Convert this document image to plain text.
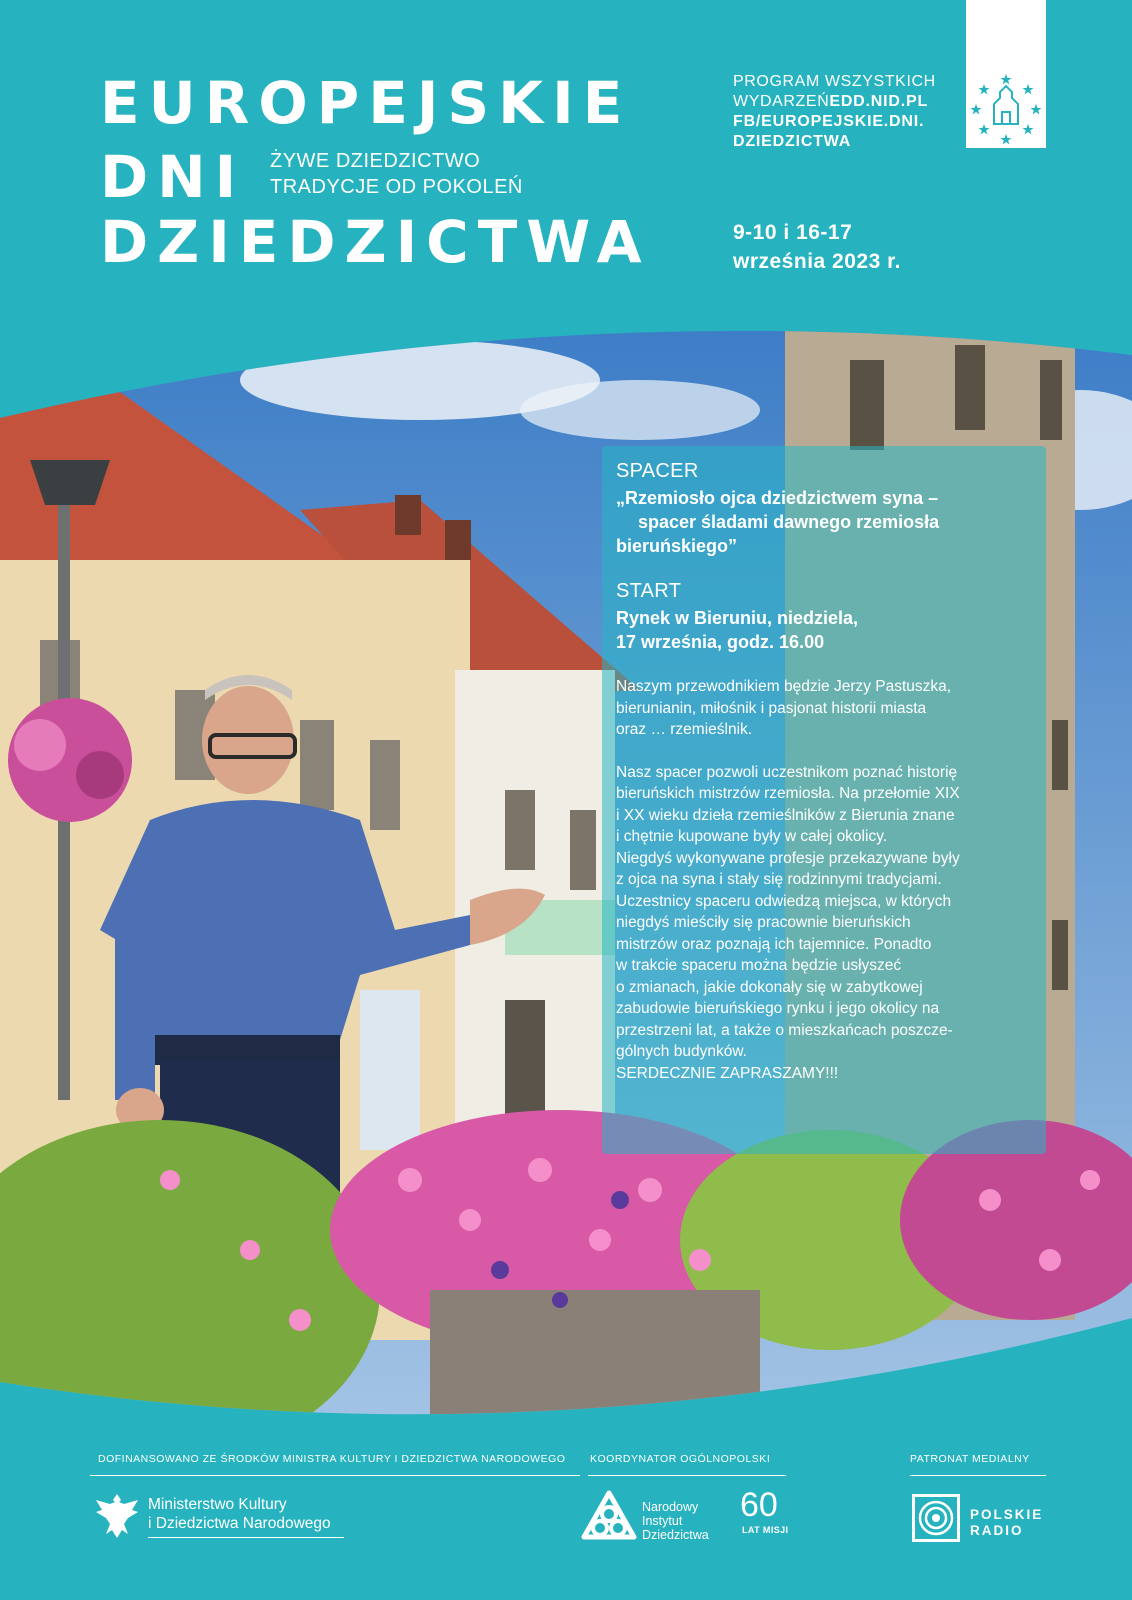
EUROPEJSKIE
DNI
DZIEDZICTWA
ŻYWE DZIEDZICTWO
TRADYCJE OD POKOLEŃ
PROGRAM WSZYSTKICH
WYDARZEŃEDD.NID.PL
FB/EUROPEJSKIE.DNI.
DZIEDZICTWA
9-10 i 16-17
września 2023 r.
SPACER
„Rzemiosło ojca dziedzictwem syna –
spacer śladami dawnego rzemiosła
bieruńskiego”
START
Rynek w Bieruniu, niedziela,
17 września, godz. 16.00
Naszym przewodnikiem będzie Jerzy Pastuszka,
bierunianin, miłośnik i pasjonat historii miasta
oraz … rzemieślnik.
Nasz spacer pozwoli uczestnikom poznać historię
bieruńskich mistrzów rzemiosła. Na przełomie XIX
i XX wieku dzieła rzemieślników z Bierunia znane
i chętnie kupowane były w całej okolicy.
Niegdyś wykonywane profesje przekazywane były
z ojca na syna i stały się rodzinnymi tradycjami.
Uczestnicy spaceru odwiedzą miejsca, w których
niegdyś mieściły się pracownie bieruńskich
mistrzów oraz poznają ich tajemnice. Ponadto
w trakcie spaceru można będzie usłyszeć
o zmianach, jakie dokonały się w zabytkowej
zabudowie bieruńskiego rynku i jego okolicy na
przestrzeni lat, a także o mieszkańcach poszcze-
gólnych budynków.
SERDECZNIE ZAPRASZAMY!!!
DOFINANSOWANO ZE ŚRODKÓW MINISTRA KULTURY I DZIEDZICTWA NARODOWEGO KOORDYNATOR OGÓLNOPOLSKI	PATRONAT MEDIALNY
Ministerstwo Kultury
i Dziedzictwa Narodowego
Narodowy
Instytut
Dziedzictwa
60
LAT MISJI
POLSKIE
RADIO
